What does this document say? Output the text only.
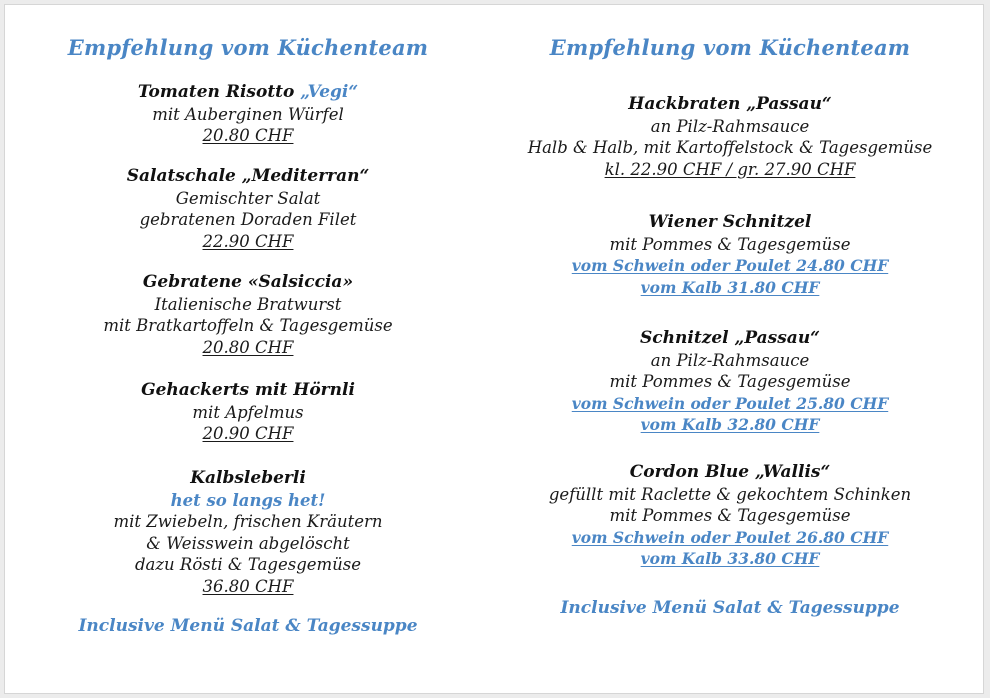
Empfehlung vom Küchenteam
Tomaten Risotto „Vegi“
mit Auberginen Würfel
20.80 CHF
Salatschale „Mediterran“
Gemischter Salat
gebratenen Doraden Filet
22.90 CHF
Gebratene «Salsiccia»
Italienische Bratwurst
mit Bratkartoffeln & Tagesgemüse
20.80 CHF
Gehackerts mit Hörnli
mit Apfelmus
20.90 CHF
Kalbsleberli
het so langs het!
mit Zwiebeln, frischen Kräutern
& Weisswein abgelöscht
dazu Rösti & Tagesgemüse
36.80 CHF
Inclusive Menü Salat & Tagessuppe
Empfehlung vom Küchenteam
Hackbraten „Passau“
an Pilz-Rahmsauce
Halb & Halb, mit Kartoffelstock & Tagesgemüse
kl. 22.90 CHF / gr. 27.90 CHF
Wiener Schnitzel
mit Pommes & Tagesgemüse
vom Schwein oder Poulet 24.80 CHF
vom Kalb 31.80 CHF
Schnitzel „Passau“
an Pilz-Rahmsauce
mit Pommes & Tagesgemüse
vom Schwein oder Poulet 25.80 CHF
vom Kalb 32.80 CHF
Cordon Blue „Wallis“
gefüllt mit Raclette & gekochtem Schinken
mit Pommes & Tagesgemüse
vom Schwein oder Poulet 26.80 CHF
vom Kalb 33.80 CHF
Inclusive Menü Salat & Tagessuppe
